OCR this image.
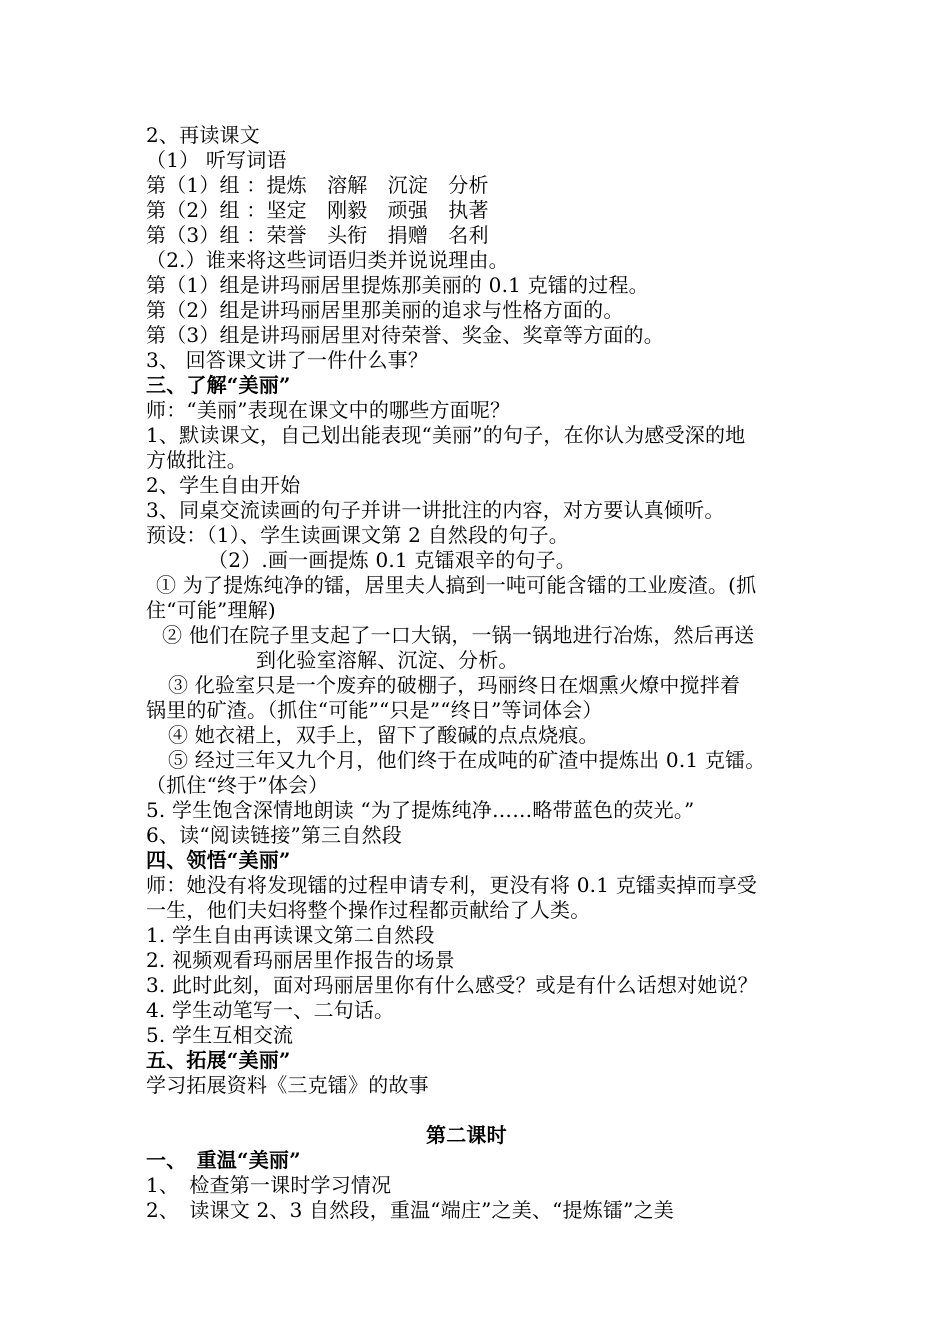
2、再读课文
（1） 听写词语
第（1）组 ：提炼　溶解　沉淀　分析
第（2）组 ：坚定　刚毅　顽强　执著
第（3）组 ：荣誉　头衔　捐赠　名利
（2.）谁来将这些词语归类并说说理由。
第（1）组是讲玛丽居里提炼那美丽的 0.1 克镭的过程。
第（2）组是讲玛丽居里那美丽的追求与性格方面的。
第（3）组是讲玛丽居里对待荣誉、奖金、奖章等方面的。
3、 回答课文讲了一件什么事？
三、了解“美丽”
师：“美丽”表现在课文中的哪些方面呢？
1、默读课文，自己划出能表现“美丽”的句子，在你认为感受深的地
方做批注。
2、学生自由开始
3、同桌交流读画的句子并讲一讲批注的内容，对方要认真倾听。
预设：（1）、学生读画课文第 2 自然段的句子。
（2）.画一画提炼 0.1 克镭艰辛的句子。
① 为了提炼纯净的镭，居里夫人搞到一吨可能含镭的工业废渣。(抓
住“可能”理解)
② 他们在院子里支起了一口大锅，一锅一锅地进行冶炼，然后再送
到化验室溶解、沉淀、分析。
③ 化验室只是一个废弃的破棚子，玛丽终日在烟熏火燎中搅拌着
锅里的矿渣。（抓住“可能”“只是”“终日”等词体会）
④ 她衣裙上，双手上，留下了酸碱的点点烧痕。
⑤ 经过三年又九个月，他们终于在成吨的矿渣中提炼出 0.1 克镭。
（抓住“终于”体会）
5. 学生饱含深情地朗读 “为了提炼纯净……略带蓝色的荧光。”
6、读“阅读链接”第三自然段
四、领悟“美丽”
师：她没有将发现镭的过程申请专利，更没有将 0.1 克镭卖掉而享受
一生，他们夫妇将整个操作过程都贡献给了人类。
1. 学生自由再读课文第二自然段
2. 视频观看玛丽居里作报告的场景
3. 此时此刻，面对玛丽居里你有什么感受？或是有什么话想对她说？
4. 学生动笔写一、二句话。
5. 学生互相交流
五、拓展“美丽”
学习拓展资料《三克镭》的故事
第二课时
一、　重温“美丽”
1、　检查第一课时学习情况
2、　读课文 2、3 自然段，重温“端庄”之美、“提炼镭”之美
